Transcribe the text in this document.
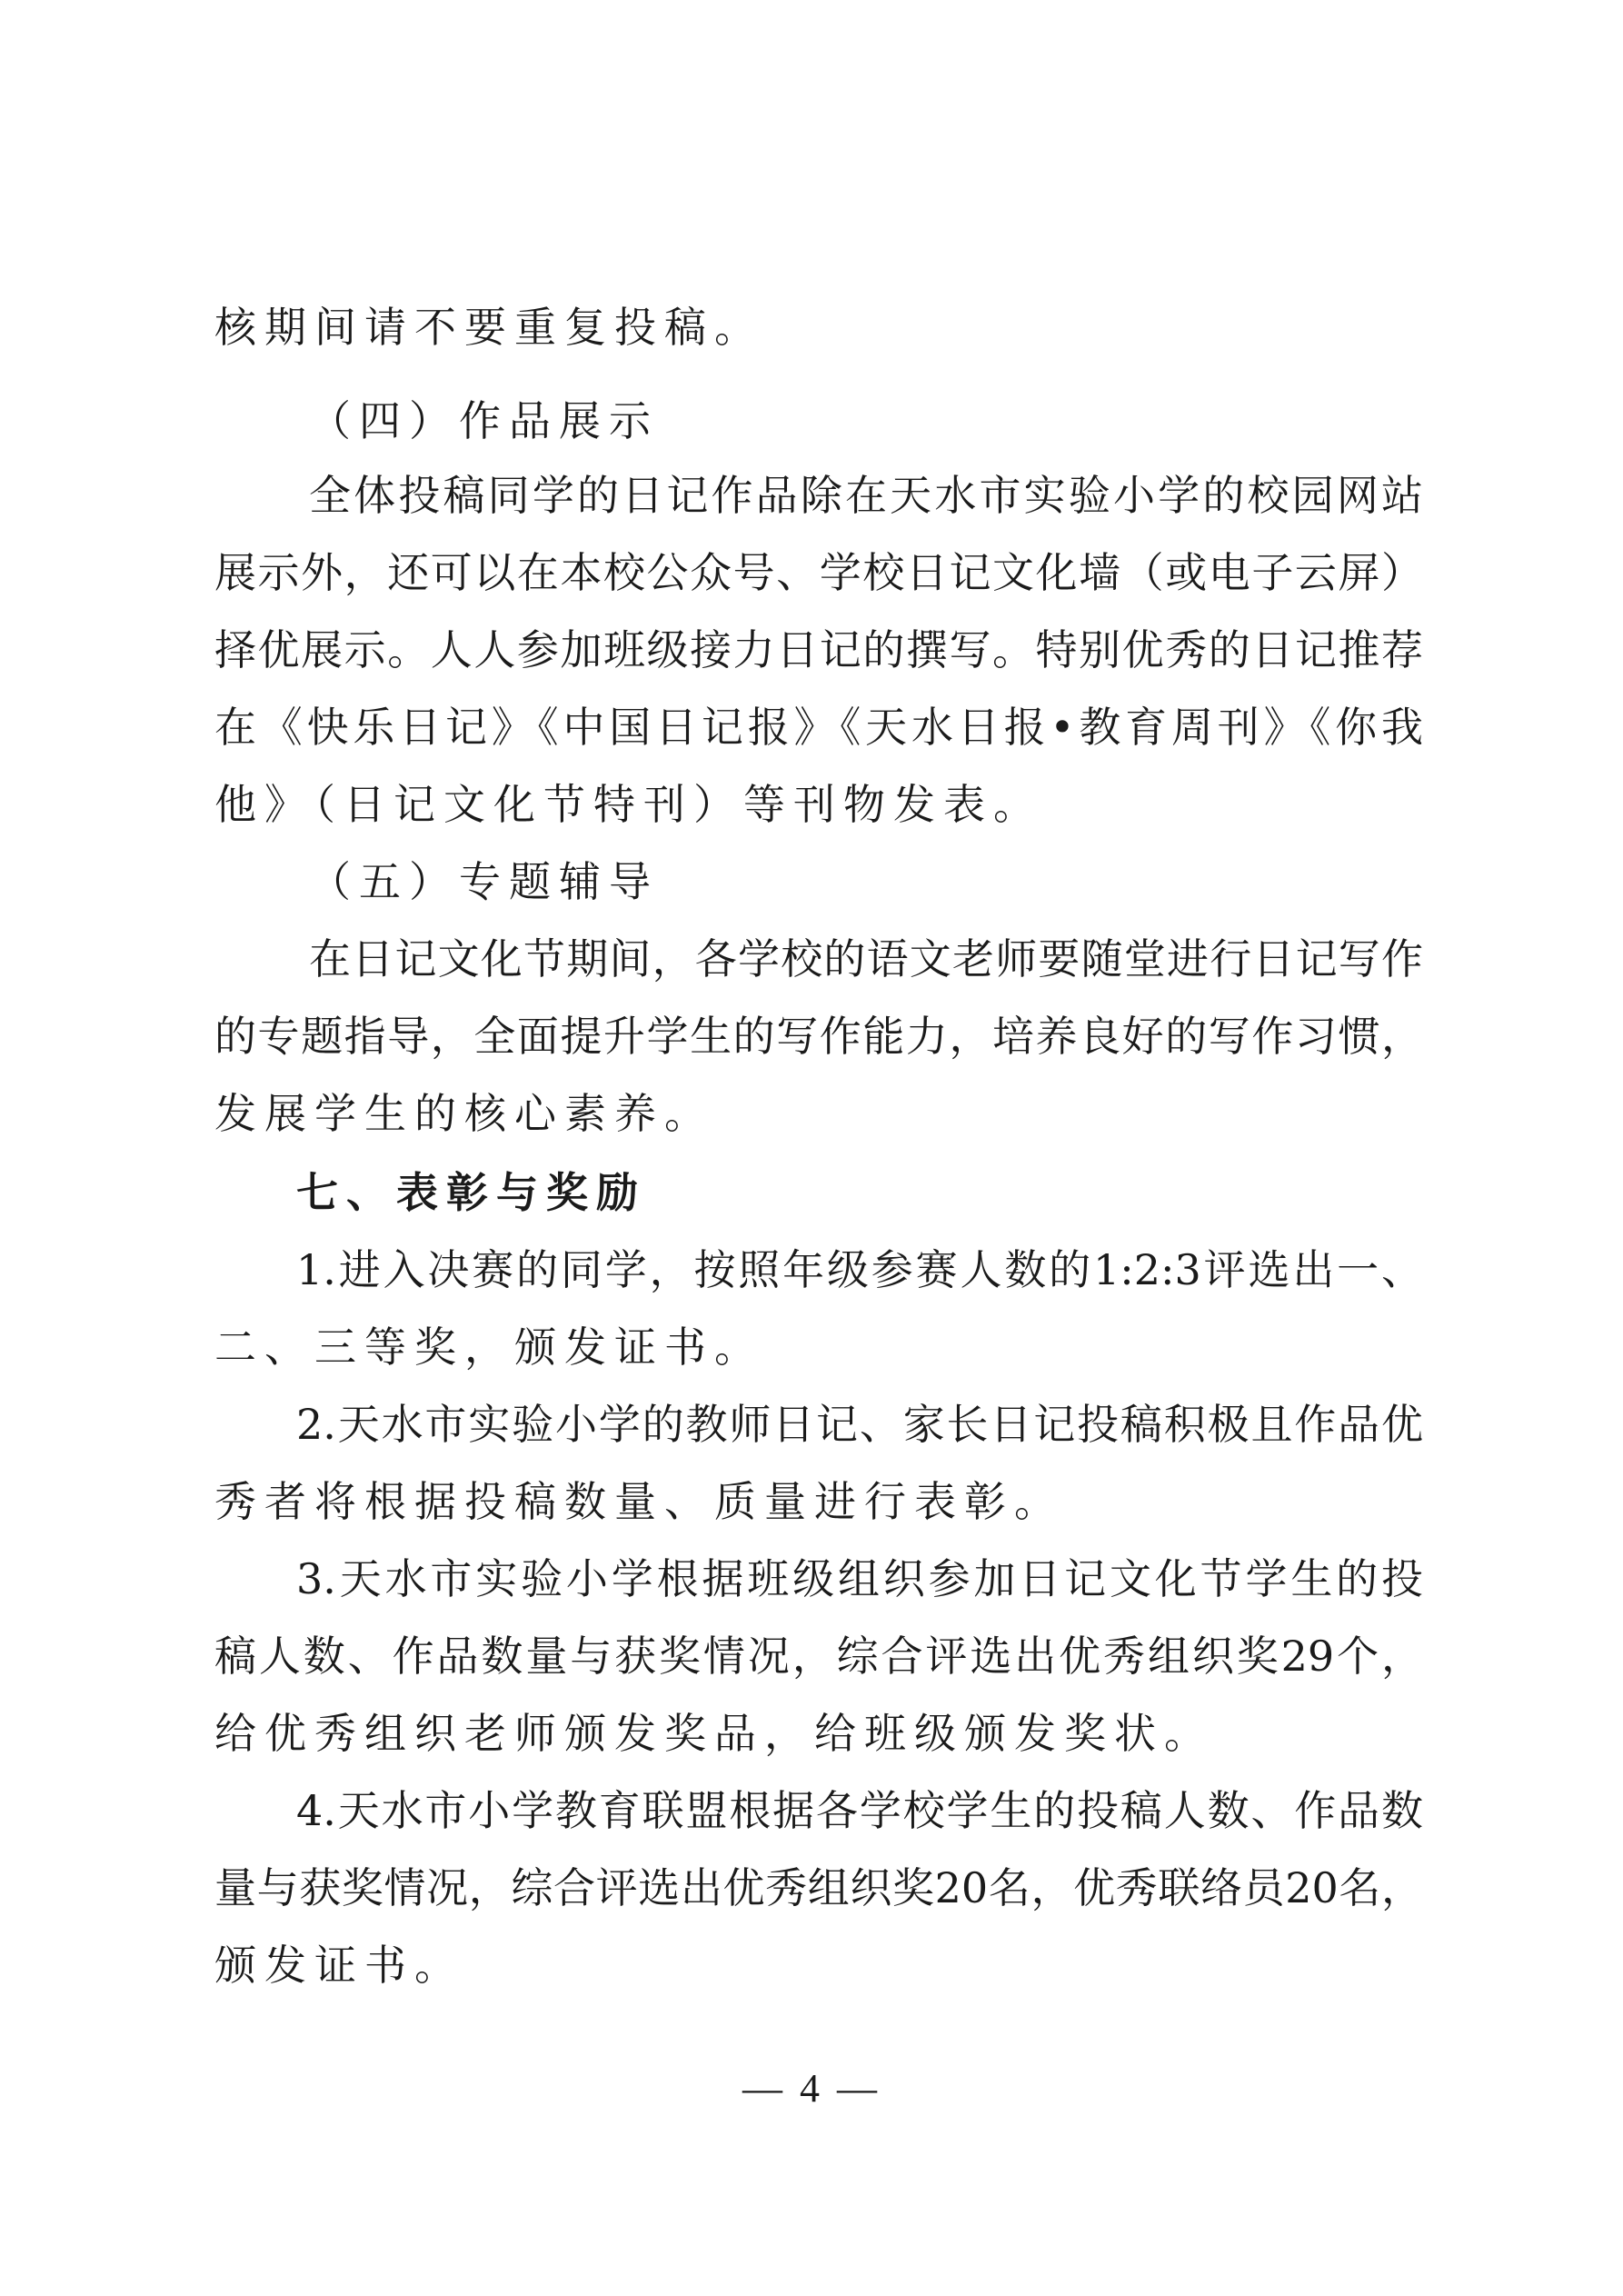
核期间请不要重复投稿。
（四）作品展示
全体投稿同学的日记作品除在天水市实验小学的校园网站
展示外，还可以在本校公众号、学校日记文化墙（或电子云屏）
择优展示。人人参加班级接力日记的撰写。特别优秀的日记推荐
在《快乐日记》《中国日记报》《天水日报•教育周刊》《你我
他》（日记文化节特刊）等刊物发表。
（五）专题辅导
在日记文化节期间，各学校的语文老师要随堂进行日记写作
的专题指导，全面提升学生的写作能力，培养良好的写作习惯，
发展学生的核心素养。
七、表彰与奖励
1.进入决赛的同学，按照年级参赛人数的1:2:3评选出一、
二、三等奖，颁发证书。
2.天水市实验小学的教师日记、家长日记投稿积极且作品优
秀者将根据投稿数量、质量进行表彰。
3.天水市实验小学根据班级组织参加日记文化节学生的投
稿人数、作品数量与获奖情况，综合评选出优秀组织奖29个，
给优秀组织老师颁发奖品，给班级颁发奖状。
4.天水市小学教育联盟根据各学校学生的投稿人数、作品数
量与获奖情况，综合评选出优秀组织奖20名，优秀联络员20名，
颁发证书。
— 4 —
